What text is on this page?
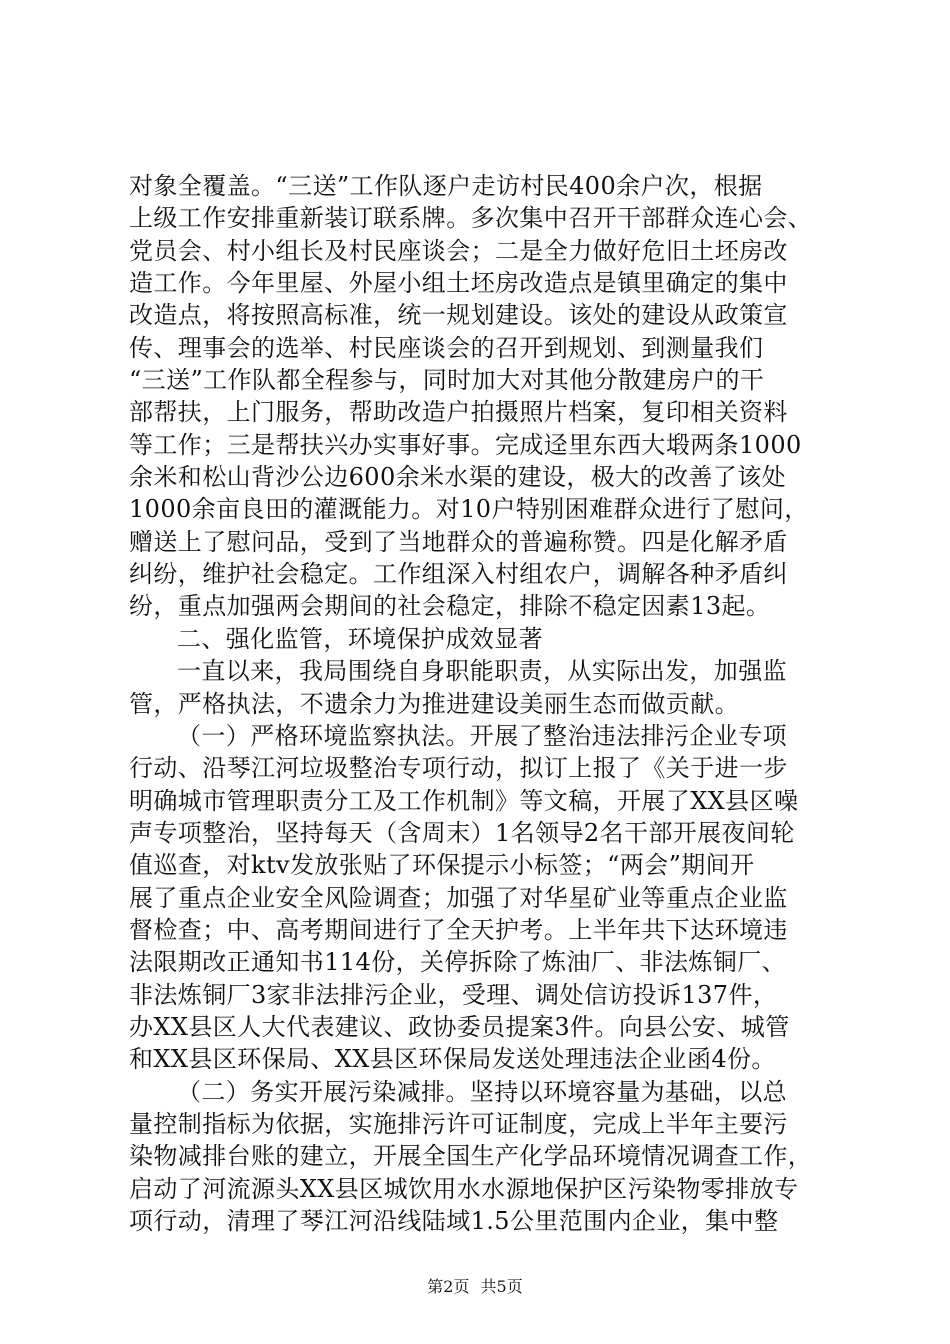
对象全覆盖。“三送”工作队逐户走访村民400余户次，根据
上级工作安排重新装订联系牌。多次集中召开干部群众连心会、
党员会、村小组长及村民座谈会；二是全力做好危旧土坯房改
造工作。今年里屋、外屋小组土坯房改造点是镇里确定的集中
改造点，将按照高标准，统一规划建设。该处的建设从政策宣
传、理事会的选举、村民座谈会的召开到规划、到测量我们
“三送”工作队都全程参与，同时加大对其他分散建房户的干
部帮扶，上门服务，帮助改造户拍摄照片档案，复印相关资料
等工作；三是帮扶兴办实事好事。完成迳里东西大塅两条1000
余米和松山背沙公边600余米水渠的建设，极大的改善了该处
1000余亩良田的灌溉能力。对10户特别困难群众进行了慰问，
赠送上了慰问品，受到了当地群众的普遍称赞。四是化解矛盾
纠纷，维护社会稳定。工作组深入村组农户，调解各种矛盾纠
纷，重点加强两会期间的社会稳定，排除不稳定因素13起。
二、强化监管，环境保护成效显著
一直以来，我局围绕自身职能职责，从实际出发，加强监
管，严格执法，不遗余力为推进建设美丽生态而做贡献。
（一）严格环境监察执法。开展了整治违法排污企业专项
行动、沿琴江河垃圾整治专项行动，拟订上报了《关于进一步
明确城市管理职责分工及工作机制》等文稿，开展了XX县区噪
声专项整治，坚持每天（含周末）1名领导2名干部开展夜间轮
值巡查，对ktv发放张贴了环保提示小标签；“两会”期间开
展了重点企业安全风险调查；加强了对华星矿业等重点企业监
督检查；中、高考期间进行了全天护考。上半年共下达环境违
法限期改正通知书114份，关停拆除了炼油厂、非法炼铜厂、
非法炼铜厂3家非法排污企业，受理、调处信访投诉137件，
办XX县区人大代表建议、政协委员提案3件。向县公安、城管
和XX县区环保局、XX县区环保局发送处理违法企业函4份。
（二）务实开展污染减排。坚持以环境容量为基础，以总
量控制指标为依据，实施排污许可证制度，完成上半年主要污
染物减排台账的建立，开展全国生产化学品环境情况调查工作，
启动了河流源头XX县区城饮用水水源地保护区污染物零排放专
项行动，清理了琴江河沿线陆域1.5公里范围内企业，集中整
第2页 共5页
